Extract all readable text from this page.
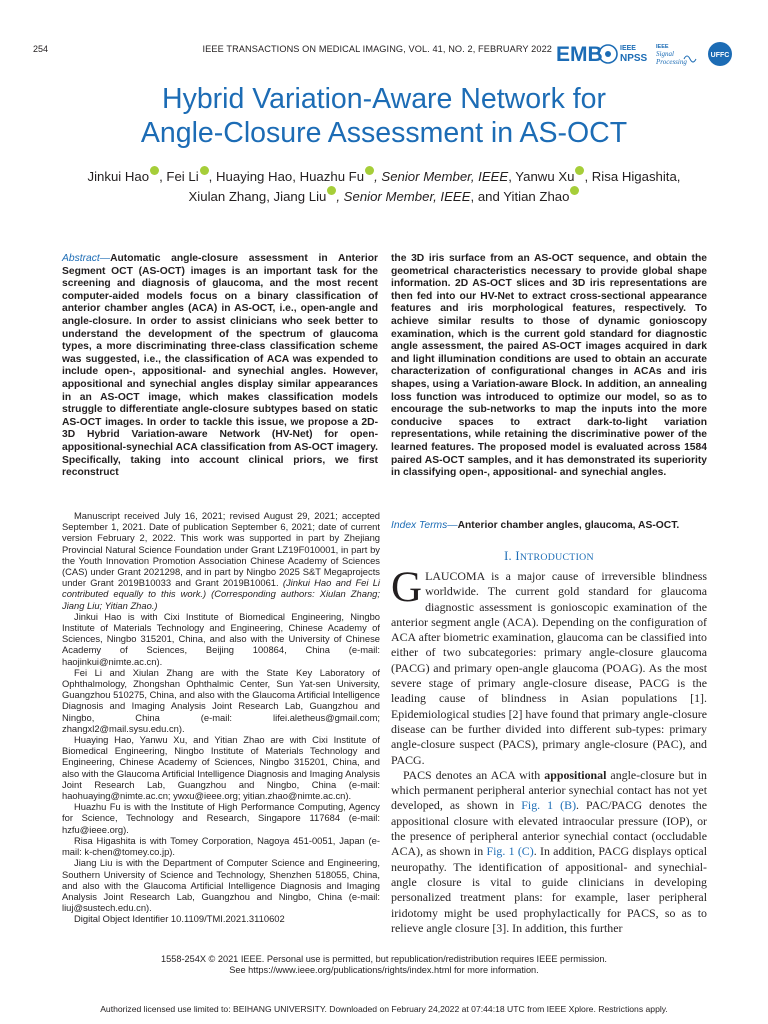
254	IEEE TRANSACTIONS ON MEDICAL IMAGING, VOL. 41, NO. 2, FEBRUARY 2022 EMB IEEE
NPSS
IEEE
Signal
Processing
UFFC
Hybrid Variation-Aware Network for
Angle-Closure Assessment in AS-OCT
Jinkui Hao , Fei Li , Huaying Hao, Huazhu Fu , Senior Member, IEEE, Yanwu Xu , Risa Higashita,
Xiulan Zhang, Jiang Liu , Senior Member, IEEE, and Yitian Zhao
Abstract—Automatic angle-closure assessment in Anterior Segment OCT (AS-OCT) images is an important task for the screening and diagnosis of glaucoma, and the most recent computer-aided models focus on a binary classification of anterior chamber angles (ACA) in AS-OCT, i.e., open-angle and angle-closure. In order to assist clinicians who seek better to understand the development of the spectrum of glaucoma types, a more discriminating three-class classification scheme was suggested, i.e., the classification of ACA was expended to include open-, appositional- and synechial angles. However, appositional and synechial angles display similar appearances in an AS-OCT image, which makes classification models struggle to differentiate angle-closure subtypes based on static AS-OCT images. In order to tackle this issue, we propose a 2D-3D Hybrid Variation-aware Network (HV-Net) for open-appositional-synechial ACA classification from AS-OCT imagery. Specifically, taking into account clinical priors, we first reconstruct
the 3D iris surface from an AS-OCT sequence, and obtain the geometrical characteristics necessary to provide global shape information. 2D AS-OCT slices and 3D iris representations are then fed into our HV-Net to extract cross-sectional appearance features and iris morphological features, respectively. To achieve similar results to those of dynamic gonioscopy examination, which is the current gold standard for diagnostic angle assessment, the paired AS-OCT images acquired in dark and light illumination conditions are used to obtain an accurate characterization of configurational changes in ACAs and iris shapes, using a Variation-aware Block. In addition, an annealing loss function was introduced to optimize our model, so as to encourage the sub-networks to map the inputs into the more conducive spaces to extract dark-to-light variation representations, while retaining the discriminative power of the learned features. The proposed model is evaluated across 1584 paired AS-OCT samples, and it has demonstrated its superiority in classifying open-, appositional- and synechial angles.
Index Terms—Anterior chamber angles, glaucoma, AS-OCT.

Manuscript received July 16, 2021; revised August 29, 2021; accepted September 1, 2021. Date of publication September 6, 2021; date of current version February 2, 2022. This work was supported in part by Zhejiang Provincial Natural Science Foundation under Grant LZ19F010001, in part by the Youth Innovation Promotion Association Chinese Academy of Sciences (CAS) under Grant 2021298, and in part by Ningbo 2025 S&T Megaprojects under Grant 2019B10033 and Grant 2019B10061. (Jinkui Hao and Fei Li contributed equally to this work.) (Corresponding authors: Xiulan Zhang; Jiang Liu; Yitian Zhao.)

Jinkui Hao is with Cixi Institute of Biomedical Engineering, Ningbo Institute of Materials Technology and Engineering, Chinese Academy of Sciences, Ningbo 315201, China, and also with the University of Chinese Academy of Sciences, Beijing 100864, China (e-mail: haojinkui@nimte.ac.cn).

Fei Li and Xiulan Zhang are with the State Key Laboratory of Ophthalmology, Zhongshan Ophthalmic Center, Sun Yat-sen University, Guangzhou 510275, China, and also with the Glaucoma Artificial Intelligence Diagnosis and Imaging Analysis Joint Research Lab, Guangzhou and Ningbo, China (e-mail: lifei.aletheus@gmail.com; zhangxl2@mail.sysu.edu.cn).

Huaying Hao, Yanwu Xu, and Yitian Zhao are with Cixi Institute of Biomedical Engineering, Ningbo Institute of Materials Technology and Engineering, Chinese Academy of Sciences, Ningbo 315201, China, and also with the Glaucoma Artificial Intelligence Diagnosis and Imaging Analysis Joint Research Lab, Guangzhou and Ningbo, China (e-mail: haohuaying@nimte.ac.cn; ywxu@ieee.org; yitian.zhao@nimte.ac.cn).

Huazhu Fu is with the Institute of High Performance Computing, Agency for Science, Technology and Research, Singapore 117684 (e-mail: hzfu@ieee.org).

Risa Higashita is with Tomey Corporation, Nagoya 451-0051, Japan (e-mail: k-chen@tomey.co.jp).

Jiang Liu is with the Department of Computer Science and Engineering, Southern University of Science and Technology, Shenzhen 518055, China, and also with the Glaucoma Artificial Intelligence Diagnosis and Imaging Analysis Joint Research Lab, Guangzhou and Ningbo, China (e-mail: liuj@sustech.edu.cn).

Digital Object Identifier 10.1109/TMI.2021.3110602

I. INTRODUCTION

GLAUCOMA is a major cause of irreversible blindness worldwide. The current gold standard for glaucoma diagnostic assessment is gonioscopic examination of the anterior segment angle (ACA). Depending on the configuration of ACA after biometric examination, glaucoma can be classified into either of two subcategories: primary angle-closure glaucoma (PACG) and primary open-angle glaucoma (POAG). As the most severe stage of primary angle-closure disease, PACG is the leading cause of blindness in Asian populations [1]. Epidemiological studies [2] have found that primary angle-closure disease can be further divided into different sub-types: primary angle-closure suspect (PACS), primary angle-closure (PAC), and PACG.

PACS denotes an ACA with appositional angle-closure but in which permanent peripheral anterior synechial contact has not yet developed, as shown in Fig. 1 (B). PAC/PACG denotes the appositional closure with elevated intraocular pressure (IOP), or the presence of peripheral anterior synechial contact (occludable ACA), as shown in Fig. 1 (C). In addition, PACG displays optical neuropathy. The identification of appositional- and synechial-angle closure is vital to guide clinicians in developing personalized treatment plans: for example, laser peripheral iridotomy might be used prophylactically for PACS, so as to relieve angle closure [3]. In addition, this further

1558-254X © 2021 IEEE. Personal use is permitted, but republication/redistribution requires IEEE permission.
See https://www.ieee.org/publications/rights/index.html for more information.
Authorized licensed use limited to: BEIHANG UNIVERSITY. Downloaded on February 24,2022 at 07:44:18 UTC from IEEE Xplore. Restrictions apply.
